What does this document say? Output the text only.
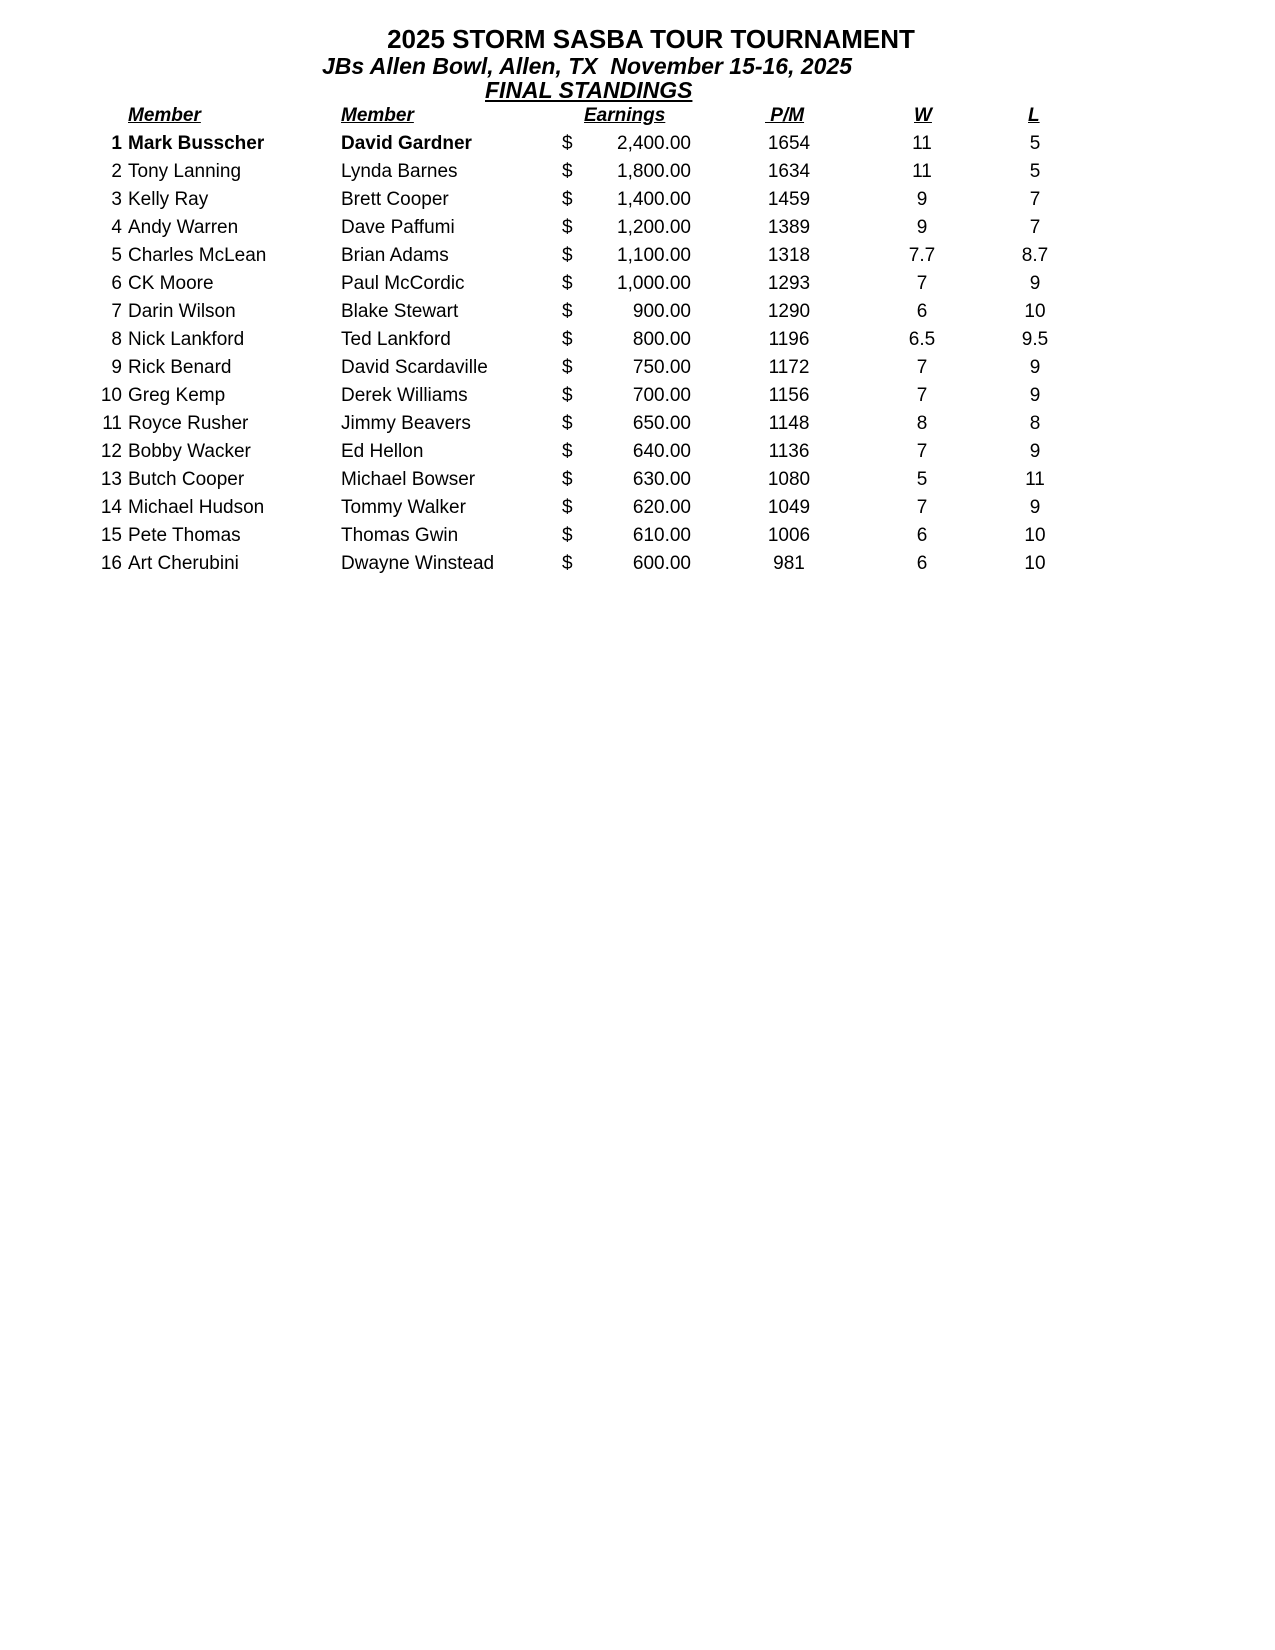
2025 STORM SASBA TOUR TOURNAMENT
JBs Allen Bowl, Allen, TX  November 15-16, 2025
FINAL STANDINGS
Member	Member	Earnings	P/M	W	L
1 Mark Busscher	David Gardner	$ 2,400.00	1654	11	5
2 Tony Lanning	Lynda Barnes	$ 1,800.00	1634	11	5
3 Kelly Ray	Brett Cooper	$ 1,400.00	1459	9	7
4 Andy Warren	Dave Paffumi	$ 1,200.00	1389	9	7
5 Charles McLean	Brian Adams	$ 1,100.00	1318	7.7	8.7
6 CK Moore	Paul McCordic	$ 1,000.00	1293	7	9
7 Darin Wilson	Blake Stewart	$	900.00	1290	6	10
8 Nick Lankford	Ted Lankford	$	800.00	1196	6.5	9.5
9 Rick Benard	David Scardaville	$	750.00	1172	7	9
10 Greg Kemp	Derek Williams	$	700.00	1156	7	9
11 Royce Rusher	Jimmy Beavers	$	650.00	1148	8	8
12 Bobby Wacker	Ed Hellon	$	640.00	1136	7	9
13 Butch Cooper	Michael Bowser	$	630.00	1080	5	11
14 Michael Hudson	Tommy Walker	$	620.00	1049	7	9
15 Pete Thomas	Thomas Gwin	$	610.00	1006	6	10
16 Art Cherubini	Dwayne Winstead	$	600.00	981	6	10
